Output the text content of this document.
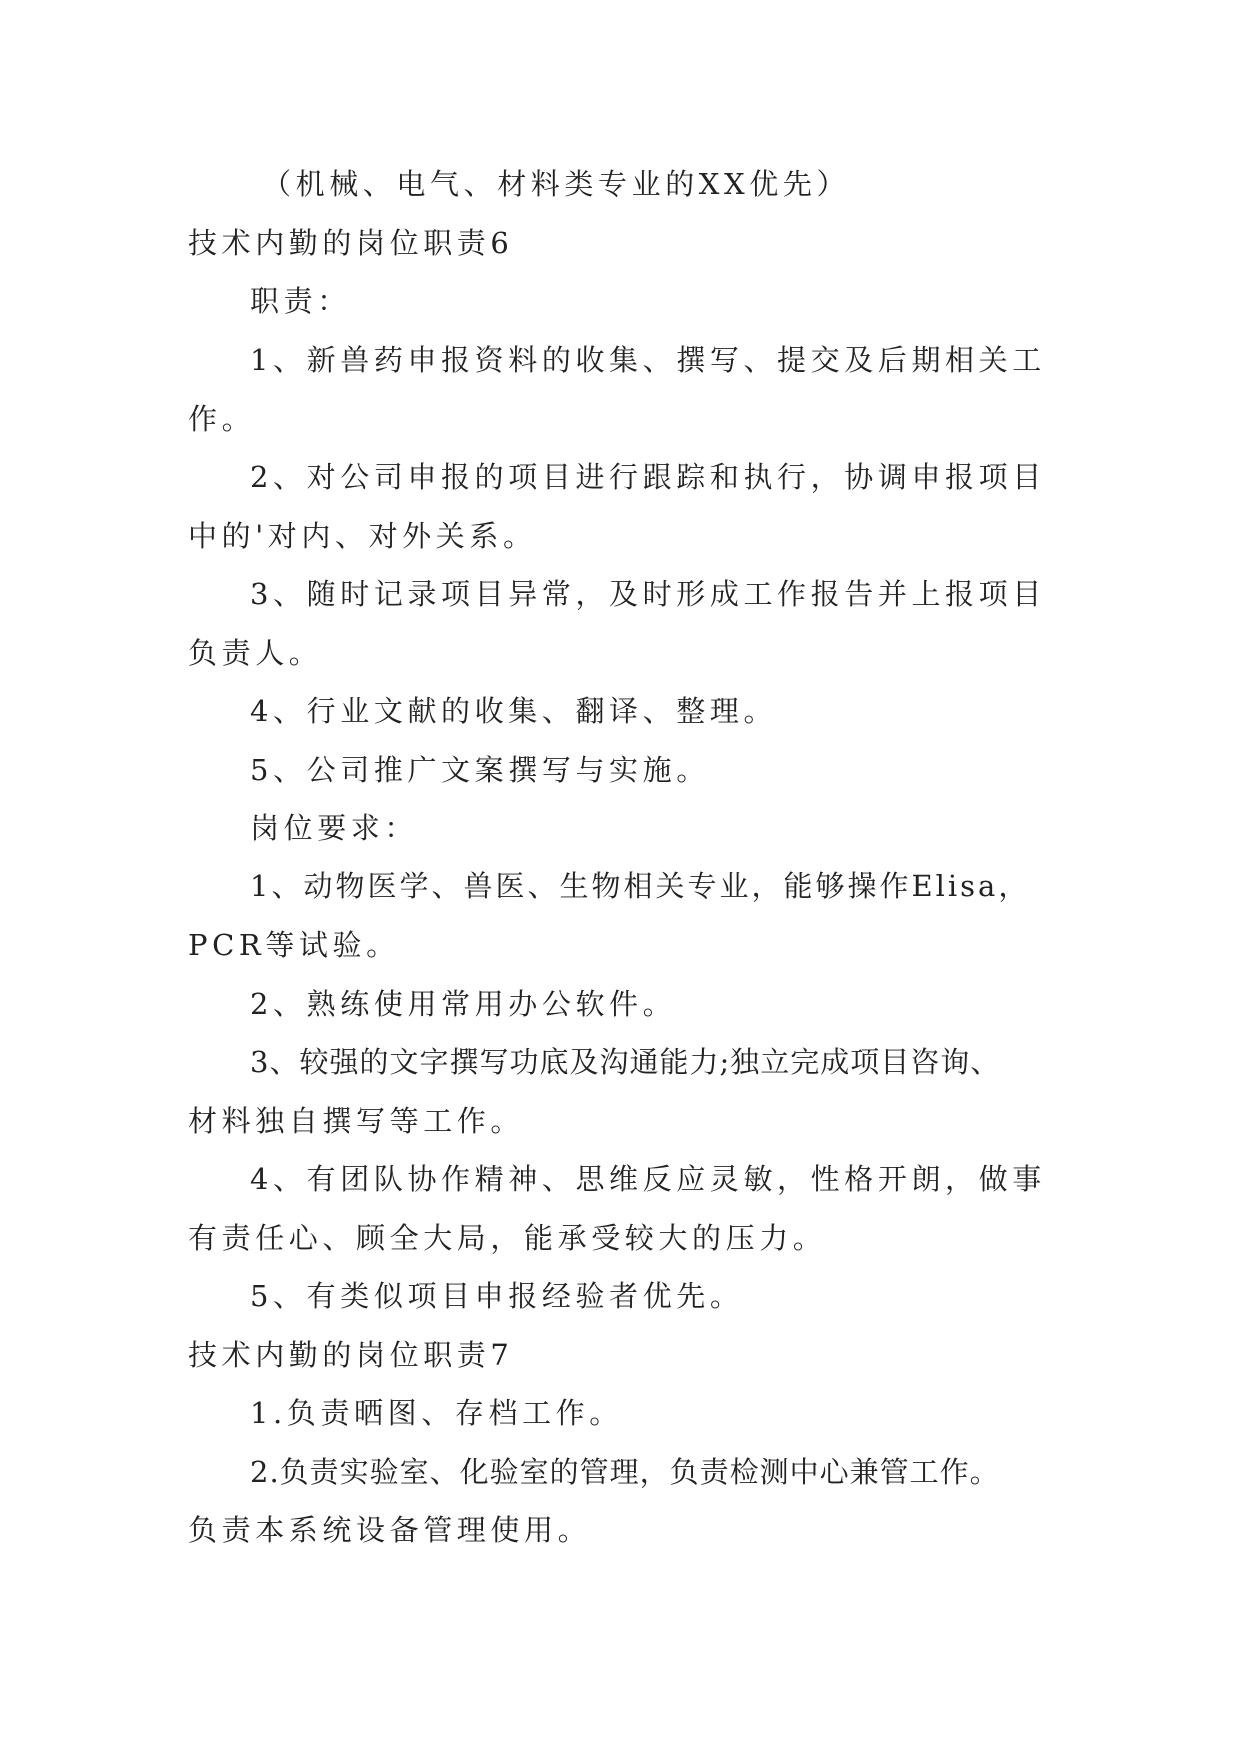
（机械、电气、材料类专业的XX优先）
技术内勤的岗位职责6
职责：
1、新兽药申报资料的收集、撰写、提交及后期相关工
作。
2、对公司申报的项目进行跟踪和执行，协调申报项目
中的'对内、对外关系。
3、随时记录项目异常，及时形成工作报告并上报项目
负责人。
4、行业文献的收集、翻译、整理。
5、公司推广文案撰写与实施。
岗位要求：
1、动物医学、兽医、生物相关专业，能够操作Elisa，
PCR等试验。
2、熟练使用常用办公软件。
3、较强的文字撰写功底及沟通能力;独立完成项目咨询、
材料独自撰写等工作。
4、有团队协作精神、思维反应灵敏，性格开朗，做事
有责任心、顾全大局，能承受较大的压力。
5、有类似项目申报经验者优先。
技术内勤的岗位职责7
1.负责晒图、存档工作。
2.负责实验室、化验室的管理，负责检测中心兼管工作。
负责本系统设备管理使用。
